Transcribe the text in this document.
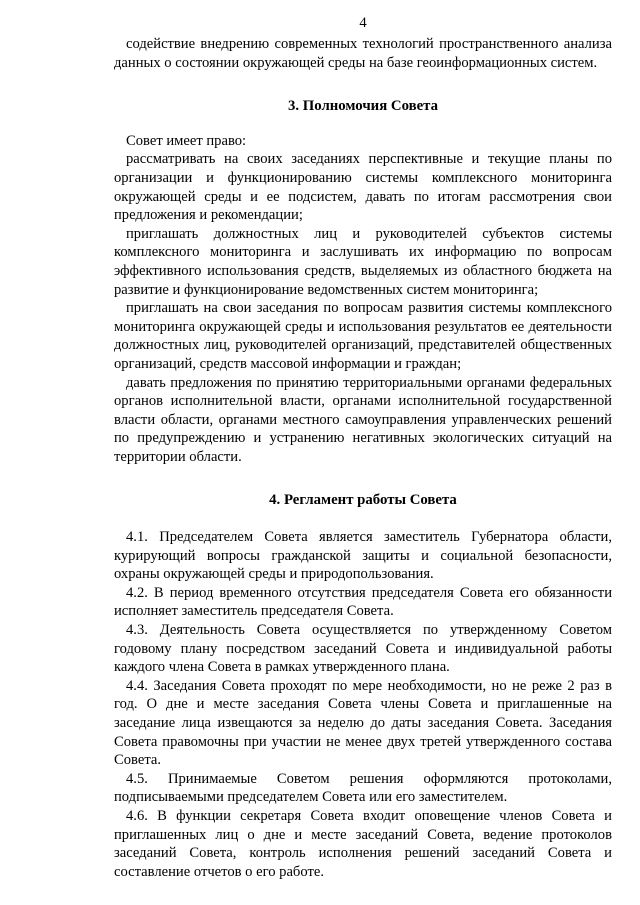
4

содействие внедрению современных технологий пространственного анализа данных о состоянии окружающей среды на базе геоинформационных систем.

3. Полномочия Совета

Совет имеет право:

рассматривать на своих заседаниях перспективные и текущие планы по организации и функционированию системы комплексного мониторинга окружающей среды и ее подсистем, давать по итогам рассмотрения свои предложения и рекомендации;

приглашать должностных лиц и руководителей субъектов системы комплексного мониторинга и заслушивать их информацию по вопросам эффективного использования средств, выделяемых из областного бюджета на развитие и функционирование ведомственных систем мониторинга;

приглашать на свои заседания по вопросам развития системы комплексного мониторинга окружающей среды и использования результатов ее деятельности должностных лиц, руководителей организаций, представителей общественных организаций, средств массовой информации и граждан;

давать предложения по принятию территориальными органами федеральных органов исполнительной власти, органами исполнительной государственной власти области, органами местного самоуправления управленческих решений по предупреждению и устранению негативных экологических ситуаций на территории области.

4. Регламент работы Совета

4.1. Председателем Совета является заместитель Губернатора области, курирующий вопросы гражданской защиты и социальной безопасности, охраны окружающей среды и природопользования.

4.2. В период временного отсутствия председателя Совета его обязанности исполняет заместитель председателя Совета.

4.3. Деятельность Совета осуществляется по утвержденному Советом годовому плану посредством заседаний Совета и индивидуальной работы каждого члена Совета в рамках утвержденного плана.

4.4. Заседания Совета проходят по мере необходимости, но не реже 2 раз в год. О дне и месте заседания Совета члены Совета и приглашенные на заседание лица извещаются за неделю до даты заседания Совета. Заседания Совета правомочны при участии не менее двух третей утвержденного состава Совета.

4.5. Принимаемые Советом решения оформляются протоколами, подписываемыми председателем Совета или его заместителем.

4.6. В функции секретаря Совета входит оповещение членов Совета и приглашенных лиц о дне и месте заседаний Совета, ведение протоколов заседаний Совета, контроль исполнения решений заседаний Совета и составление отчетов о его работе.
